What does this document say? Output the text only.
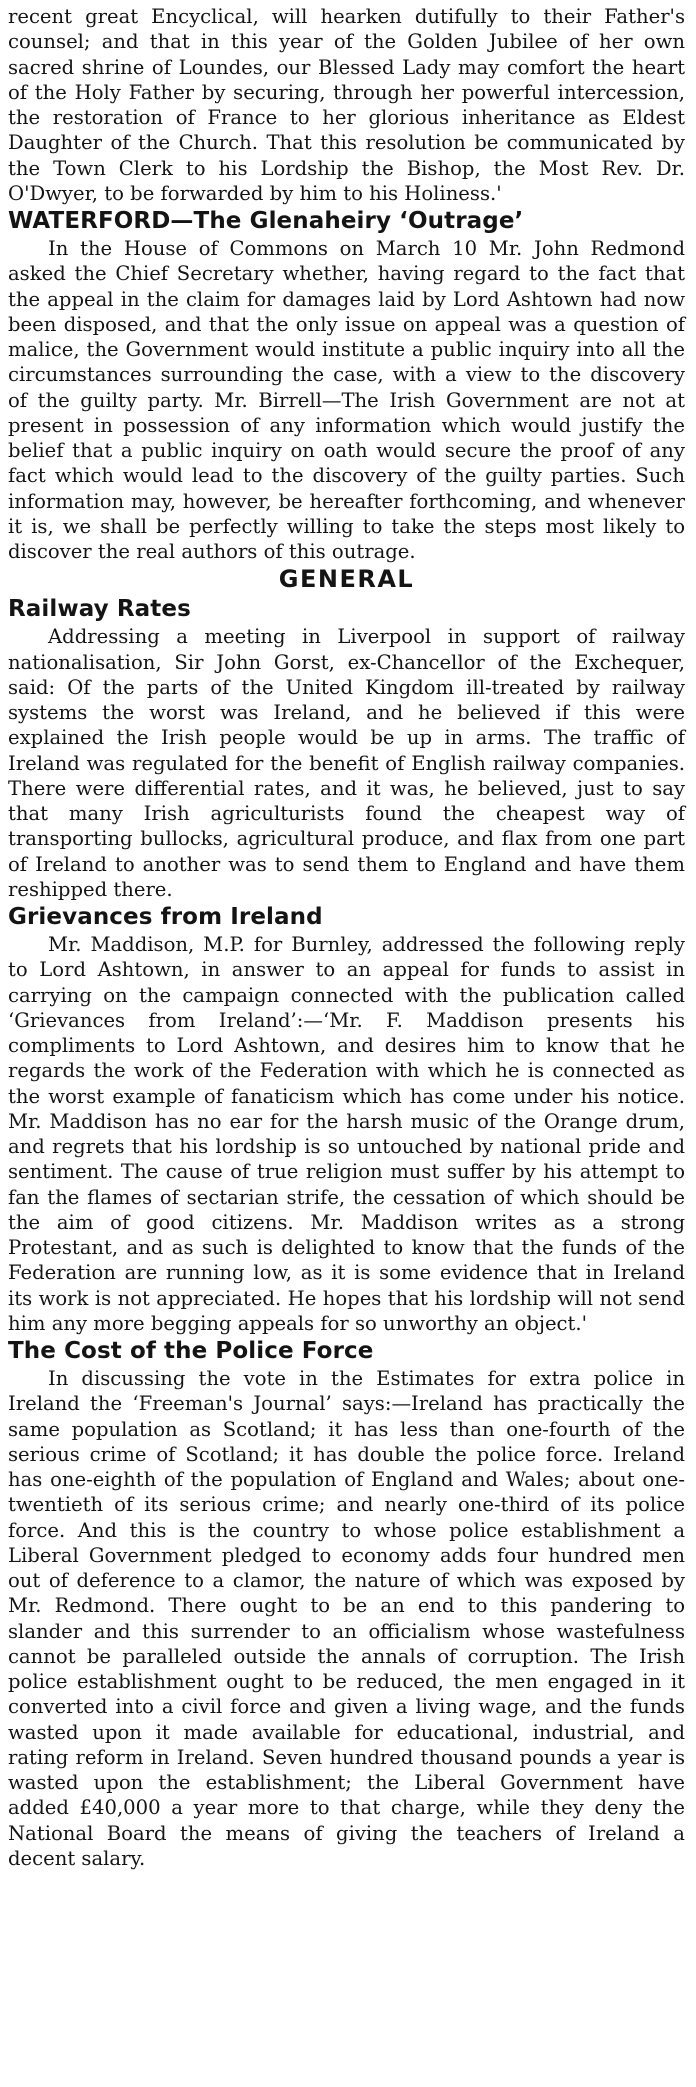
recent great Encyclical, will hearken dutifully to their Father's counsel; and that in this year of the Golden Jubilee of her own sacred shrine of Loundes, our Blessed Lady may comfort the heart of the Holy Father by securing, through her powerful intercession, the restoration of France to her glorious inheritance as Eldest Daughter of the Church. That this resolution be communicated by the Town Clerk to his Lordship the Bishop, the Most Rev. Dr. O'Dwyer, to be forwarded by him to his Holiness.'

WATERFORD—The Glenaheiry ‘Outrage’

In the House of Commons on March 10 Mr. John Redmond asked the Chief Secretary whether, having regard to the fact that the appeal in the claim for damages laid by Lord Ashtown had now been disposed, and that the only issue on appeal was a question of malice, the Government would institute a public inquiry into all the circumstances surrounding the case, with a view to the discovery of the guilty party. Mr. Birrell—The Irish Government are not at present in possession of any information which would justify the belief that a public inquiry on oath would secure the proof of any fact which would lead to the discovery of the guilty parties. Such information may, however, be hereafter forthcoming, and whenever it is, we shall be perfectly willing to take the steps most likely to discover the real authors of this outrage.

GENERAL
Railway Rates

Addressing a meeting in Liverpool in support of railway nationalisation, Sir John Gorst, ex-Chancellor of the Exchequer, said: Of the parts of the United Kingdom ill-treated by railway systems the worst was Ireland, and he believed if this were explained the Irish people would be up in arms. The traffic of Ireland was regulated for the benefit of English railway companies. There were differential rates, and it was, he believed, just to say that many Irish agriculturists found the cheapest way of transporting bullocks, agricultural produce, and flax from one part of Ireland to another was to send them to England and have them reshipped there.

Grievances from Ireland

Mr. Maddison, M.P. for Burnley, addressed the following reply to Lord Ashtown, in answer to an appeal for funds to assist in carrying on the campaign connected with the publication called ‘Grievances from Ireland’:—‘Mr. F. Maddison presents his compliments to Lord Ashtown, and desires him to know that he regards the work of the Federation with which he is connected as the worst example of fanaticism which has come under his notice. Mr. Maddison has no ear for the harsh music of the Orange drum, and regrets that his lordship is so untouched by national pride and sentiment. The cause of true religion must suffer by his attempt to fan the flames of sectarian strife, the cessation of which should be the aim of good citizens. Mr. Maddison writes as a strong Protestant, and as such is delighted to know that the funds of the Federation are running low, as it is some evidence that in Ireland its work is not appreciated. He hopes that his lordship will not send him any more begging appeals for so unworthy an object.'

The Cost of the Police Force

In discussing the vote in the Estimates for extra police in Ireland the ‘Freeman's Journal’ says:—Ireland has practically the same population as Scotland; it has less than one-fourth of the serious crime of Scotland; it has double the police force. Ireland has one-eighth of the population of England and Wales; about one-twentieth of its serious crime; and nearly one-third of its police force. And this is the country to whose police establishment a Liberal Government pledged to economy adds four hundred men out of deference to a clamor, the nature of which was exposed by Mr. Redmond. There ought to be an end to this pandering to slander and this surrender to an officialism whose wastefulness cannot be paralleled outside the annals of corruption. The Irish police establishment ought to be reduced, the men engaged in it converted into a civil force and given a living wage, and the funds wasted upon it made available for educational, industrial, and rating reform in Ireland. Seven hundred thousand pounds a year is wasted upon the establishment; the Liberal Government have added £40,000 a year more to that charge, while they deny the National Board the means of giving the teachers of Ireland a decent salary.
